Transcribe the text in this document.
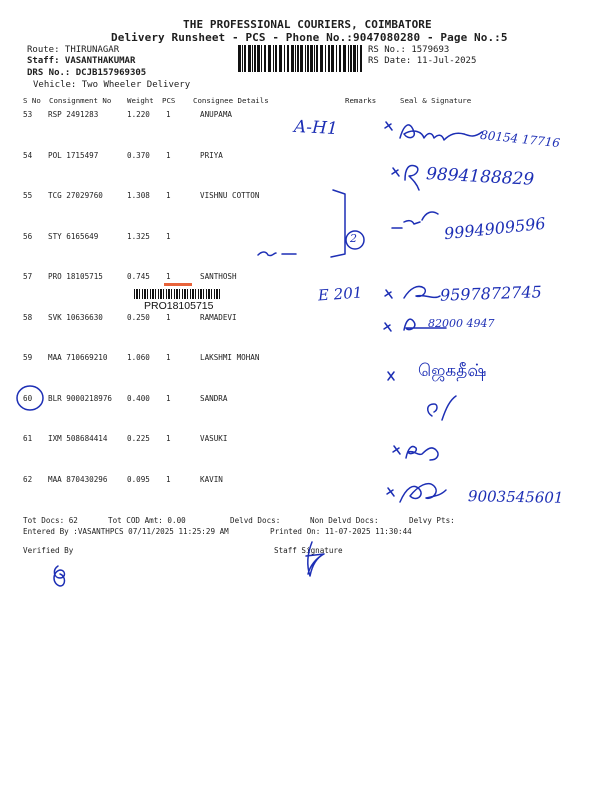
THE PROFESSIONAL COURIERS, COIMBATORE
Delivery Runsheet - PCS - Phone No.:9047080280 - Page No.:5
Route: THIRUNAGAR
Staff: VASANTHAKUMAR
DRS No.: DCJB157969305
Vehicle: Two Wheeler Delivery
RS No.: 1579693
RS Date: 11-Jul-2025
S No Consignment No Weight PCS Consignee Details	Remarks	Seal & Signature
53 RSP 2491283	1.220 1	ANUPAMA
54 POL 1715497	0.370 1	PRIYA
55 TCG 27029760	1.308 1	VISHNU COTTON
56 STY 6165649	1.325 1
57 PRO 18105715	0.745 1	SANTHOSH
58 SVK 10636630	0.250 1	RAMADEVI
59 MAA 710669210	1.060 1	LAKSHMI MOHAN
60 BLR 9000218976 0.400 1	SANDRA
61 IXM 508684414	0.225 1	VASUKI
62 MAA 870430296	0.095 1	KAVIN
PRO18105715
Tot Docs: 62	Tot COD Amt: 0.00	Delvd Docs:	Non Delvd Docs:	Delvy Pts:
Entered By :VASANTHPCS 07/11/2025 11:25:29 AM	Printed On: 11-07-2025 11:30:44
Verified By	Staff Signature
A-H1	80154 17716
9894188829
9994909596
2
E 201	9597872745
82000 4947
ஜெகதீஷ்
9003545601
